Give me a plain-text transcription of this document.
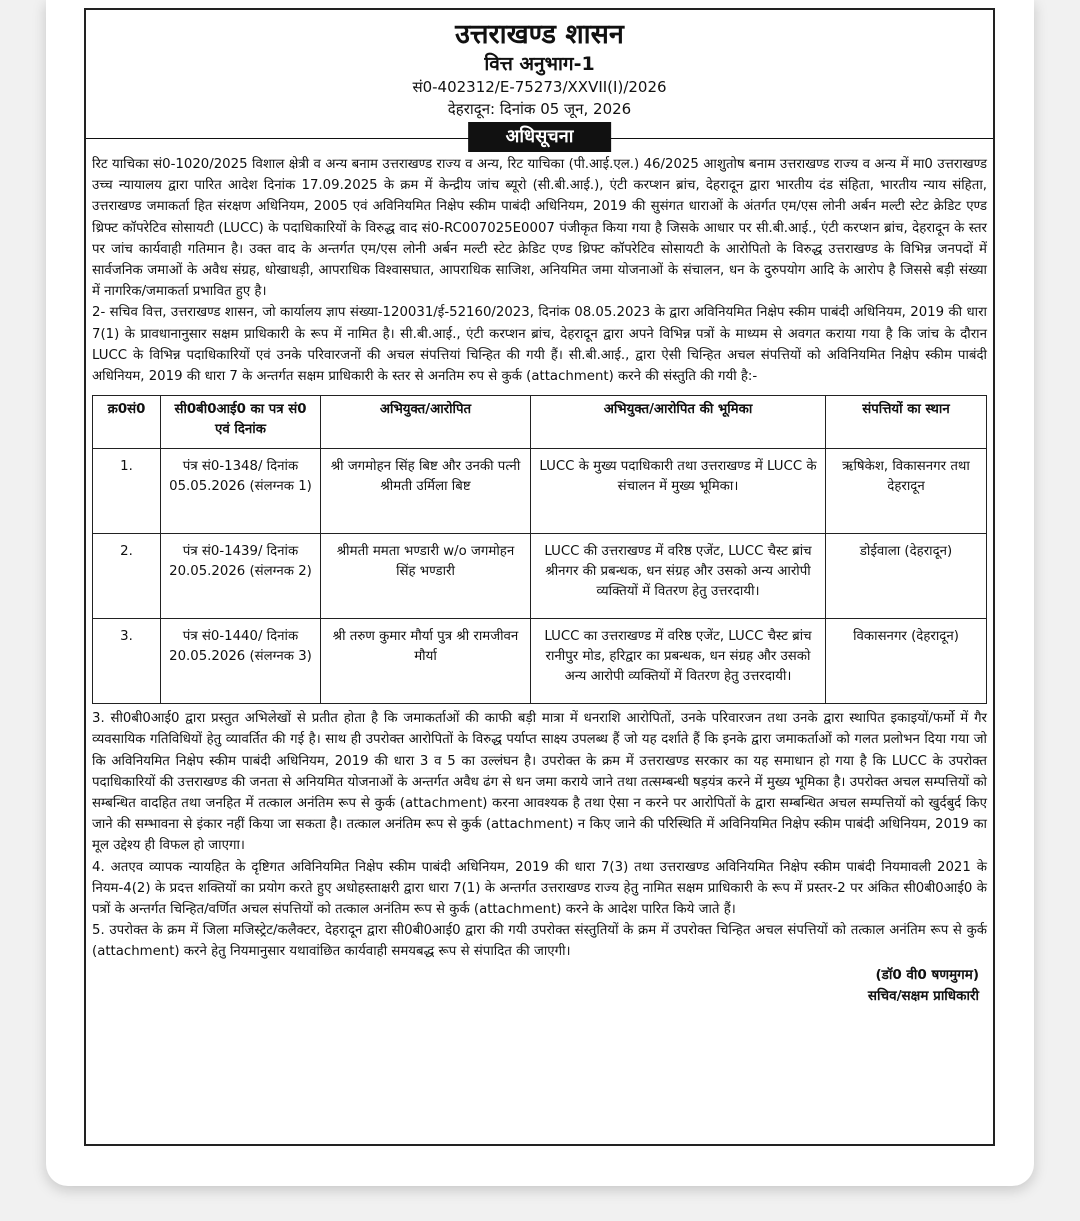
उत्तराखण्ड शासन
वित्त अनुभाग-1
सं0-402312/E-75273/XXVII(I)/2026
देहरादून: दिनांक 05 जून, 2026
अधिसूचना

रिट याचिका सं0-1020/2025 विशाल क्षेत्री व अन्य बनाम उत्तराखण्ड राज्य व अन्य, रिट याचिका (पी.आई.एल.) 46/2025 आशुतोष बनाम उत्तराखण्ड राज्य व अन्य में मा0 उत्तराखण्ड उच्च न्यायालय द्वारा पारित आदेश दिनांक 17.09.2025 के क्रम में केन्द्रीय जांच ब्यूरो (सी.बी.आई.), एंटी करप्शन ब्रांच, देहरादून द्वारा भारतीय दंड संहिता, भारतीय न्याय संहिता, उत्तराखण्ड जमाकर्ता हित संरक्षण अधिनियम, 2005 एवं अविनियमित निक्षेप स्कीम पाबंदी अधिनियम, 2019 की सुसंगत धाराओं के अंतर्गत एम/एस लोनी अर्बन मल्टी स्टेट क्रेडिट एण्ड थ्रिफ्ट कॉपरेटिव सोसायटी (LUCC) के पदाधिकारियों के विरुद्ध वाद सं0-RC007025E0007 पंजीकृत किया गया है जिसके आधार पर सी.बी.आई., एंटी करप्शन ब्रांच, देहरादून के स्तर पर जांच कार्यवाही गतिमान है। उक्त वाद के अन्तर्गत एम/एस लोनी अर्बन मल्टी स्टेट क्रेडिट एण्ड थ्रिफ्ट कॉपरेटिव सोसायटी के आरोपितो के विरुद्ध उत्तराखण्ड के विभिन्न जनपदों में सार्वजनिक जमाओं के अवैध संग्रह, धोखाधड़ी, आपराधिक विश्वासघात, आपराधिक साजिश, अनियमित जमा योजनाओं के संचालन, धन के दुरुपयोग आदि के आरोप है जिससे बड़ी संख्या में नागरिक/जमाकर्ता प्रभावित हुए है।

2- सचिव वित्त, उत्तराखण्ड शासन, जो कार्यालय ज्ञाप संख्या-120031/ई-52160/2023, दिनांक 08.05.2023 के द्वारा अविनियमित निक्षेप स्कीम पाबंदी अधिनियम, 2019 की धारा 7(1) के प्रावधानानुसार सक्षम प्राधिकारी के रूप में नामित है। सी.बी.आई., एंटी करप्शन ब्रांच, देहरादून द्वारा अपने विभिन्न पत्रों के माध्यम से अवगत कराया गया है कि जांच के दौरान LUCC के विभिन्न पदाधिकारियों एवं उनके परिवारजनों की अचल संपत्तियां चिन्हित की गयी हैं। सी.बी.आई., द्वारा ऐसी चिन्हित अचल संपत्तियों को अविनियमित निक्षेप स्कीम पाबंदी अधिनियम, 2019 की धारा 7 के अन्तर्गत सक्षम प्राधिकारी के स्तर से अनतिम रुप से कुर्क (attachment) करने की संस्तुति की गयी है:-

क्र0सं0	सी0बी0आई0 का पत्र सं0 एवं दिनांक	अभियुक्त/आरोपित	अभियुक्त/आरोपित की भूमिका	संपत्तियों का स्थान
1.	पंत्र सं0-1348/ दिनांक 05.05.2026 (संलग्नक 1)	श्री जगमोहन सिंह बिष्ट और उनकी पत्नी श्रीमती उर्मिला बिष्ट	LUCC के मुख्य पदाधिकारी तथा उत्तराखण्ड में LUCC के संचालन में मुख्य भूमिका।	ऋषिकेश, विकासनगर तथा देहरादून
2.	पंत्र सं0-1439/ दिनांक 20.05.2026 (संलग्नक 2)	श्रीमती ममता भण्डारी w/o जगमोहन सिंह भण्डारी	LUCC की उत्तराखण्ड में वरिष्ठ एजेंट, LUCC चैस्ट ब्रांच श्रीनगर की प्रबन्धक, धन संग्रह और उसको अन्य आरोपी व्यक्तियों में वितरण हेतु उत्तरदायी।	डोईवाला (देहरादून)
3.	पंत्र सं0-1440/ दिनांक 20.05.2026 (संलग्नक 3)	श्री तरुण कुमार मौर्या पुत्र श्री रामजीवन मौर्या	LUCC का उत्तराखण्ड में वरिष्ठ एजेंट, LUCC चैस्ट ब्रांच रानीपुर मोड, हरिद्वार का प्रबन्धक, धन संग्रह और उसको अन्य आरोपी व्यक्तियों में वितरण हेतु उत्तरदायी।	विकासनगर (देहरादून)

3. सी0बी0आई0 द्वारा प्रस्तुत अभिलेखों से प्रतीत होता है कि जमाकर्ताओं की काफी बड़ी मात्रा में धनराशि आरोपितों, उनके परिवारजन तथा उनके द्वारा स्थापित इकाइयों/फर्मो में गैर व्यवसायिक गतिविधियों हेतु व्यावर्तित की गई है। साथ ही उपरोक्त आरोपितों के विरुद्ध पर्याप्त साक्ष्य उपलब्ध हैं जो यह दर्शाते हैं कि इनके द्वारा जमाकर्ताओं को गलत प्रलोभन दिया गया जो कि अविनियमित निक्षेप स्कीम पाबंदी अधिनियम, 2019 की धारा 3 व 5 का उल्लंघन है। उपरोक्त के क्रम में उत्तराखण्ड सरकार का यह समाधान हो गया है कि LUCC के उपरोक्त पदाधिकारियों की उत्तराखण्ड की जनता से अनियमित योजनाओं के अन्तर्गत अवैध ढंग से धन जमा कराये जाने तथा तत्सम्बन्धी षड़यंत्र करने में मुख्य भूमिका है। उपरोक्त अचल सम्पत्तियों को सम्बन्धित वादहित तथा जनहित में तत्काल अनंतिम रूप से कुर्क (attachment) करना आवश्यक है तथा ऐसा न करने पर आरोपितों के द्वारा सम्बन्धित अचल सम्पत्तियों को खुर्दबुर्द किए जाने की सम्भावना से इंकार नहीं किया जा सकता है। तत्काल अनंतिम रूप से कुर्क (attachment) न किए जाने की परिस्थिति में अविनियमित निक्षेप स्कीम पाबंदी अधिनियम, 2019 का मूल उद्देश्य ही विफल हो जाएगा।

4. अतएव व्यापक न्यायहित के दृष्टिगत अविनियमित निक्षेप स्कीम पाबंदी अधिनियम, 2019 की धारा 7(3) तथा उत्तराखण्ड अविनियमित निक्षेप स्कीम पाबंदी नियमावली 2021 के नियम-4(2) के प्रदत्त शक्तियों का प्रयोग करते हुए अधोहस्ताक्षरी द्वारा धारा 7(1) के अन्तर्गत उत्तराखण्ड राज्य हेतु नामित सक्षम प्राधिकारी के रूप में प्रस्तर-2 पर अंकित सी0बी0आई0 के पत्रों के अन्तर्गत चिन्हित/वर्णित अचल संपत्तियों को तत्काल अनंतिम रूप से कुर्क (attachment) करने के आदेश पारित किये जाते हैं।

5. उपरोक्त के क्रम में जिला मजिस्ट्रेट/कलैक्टर, देहरादून द्वारा सी0बी0आई0 द्वारा की गयी उपरोक्त संस्तुतियों के क्रम में उपरोक्त चिन्हित अचल संपत्तियों को तत्काल अनंतिम रूप से कुर्क (attachment) करने हेतु नियमानुसार यथावांछित कार्यवाही समयबद्ध रूप से संपादित की जाएगी।

(डॉ0 वी0 षणमुगम)
सचिव/सक्षम प्राधिकारी
